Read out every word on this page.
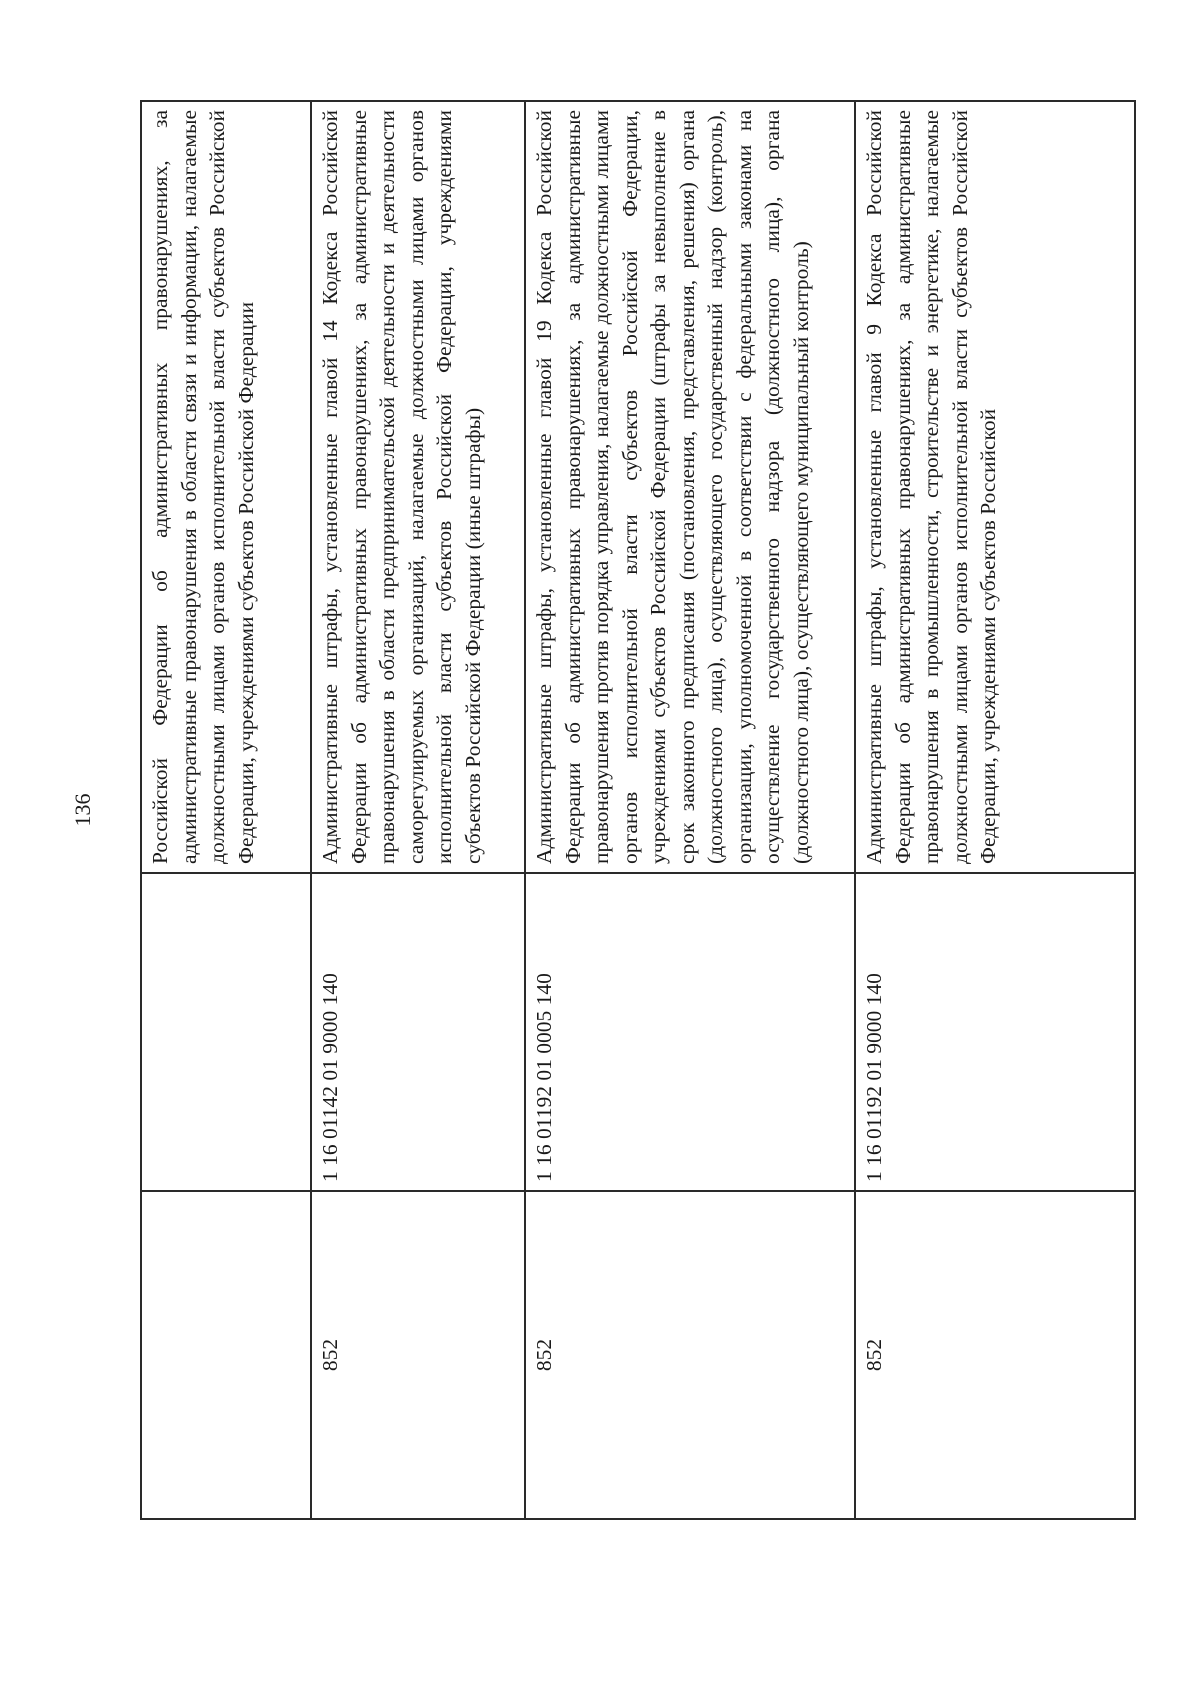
136
		Российской Федерации об административных правонарушениях, за административные правонарушения в области связи и информации, налагаемые должностными лицами органов исполнительной власти субъектов Российской Федерации, учреждениями субъектов Российской Федерации
852	1 16 01142 01 9000 140	Административные штрафы, установленные главой 14 Кодекса Российской Федерации об административных правонарушениях, за административные правонарушения в области предпринимательской деятельности и деятельности саморегулируемых организаций, налагаемые должностными лицами органов исполнительной власти субъектов Российской Федерации, учреждениями субъектов Российской Федерации (иные штрафы)
852	1 16 01192 01 0005 140	Административные штрафы, установленные главой 19 Кодекса Российской Федерации об административных правонарушениях, за административные правонарушения против порядка управления, налагаемые должностными лицами органов исполнительной власти субъектов Российской Федерации, учреждениями субъектов Российской Федерации (штрафы за невыполнение в срок законного предписания (постановления, представления, решения) органа (должностного лица), осуществляющего государственный надзор (контроль), организации, уполномоченной в соответствии с федеральными законами на осуществление государственного надзора (должностного лица), органа (должностного лица), осуществляющего муниципальный контроль)
852	1 16 01192 01 9000 140	Административные штрафы, установленные главой 9 Кодекса Российской Федерации об административных правонарушениях, за административные правонарушения в промышленности, строительстве и энергетике, налагаемые должностными лицами органов исполнительной власти субъектов Российской Федерации, учреждениями субъектов Российской
